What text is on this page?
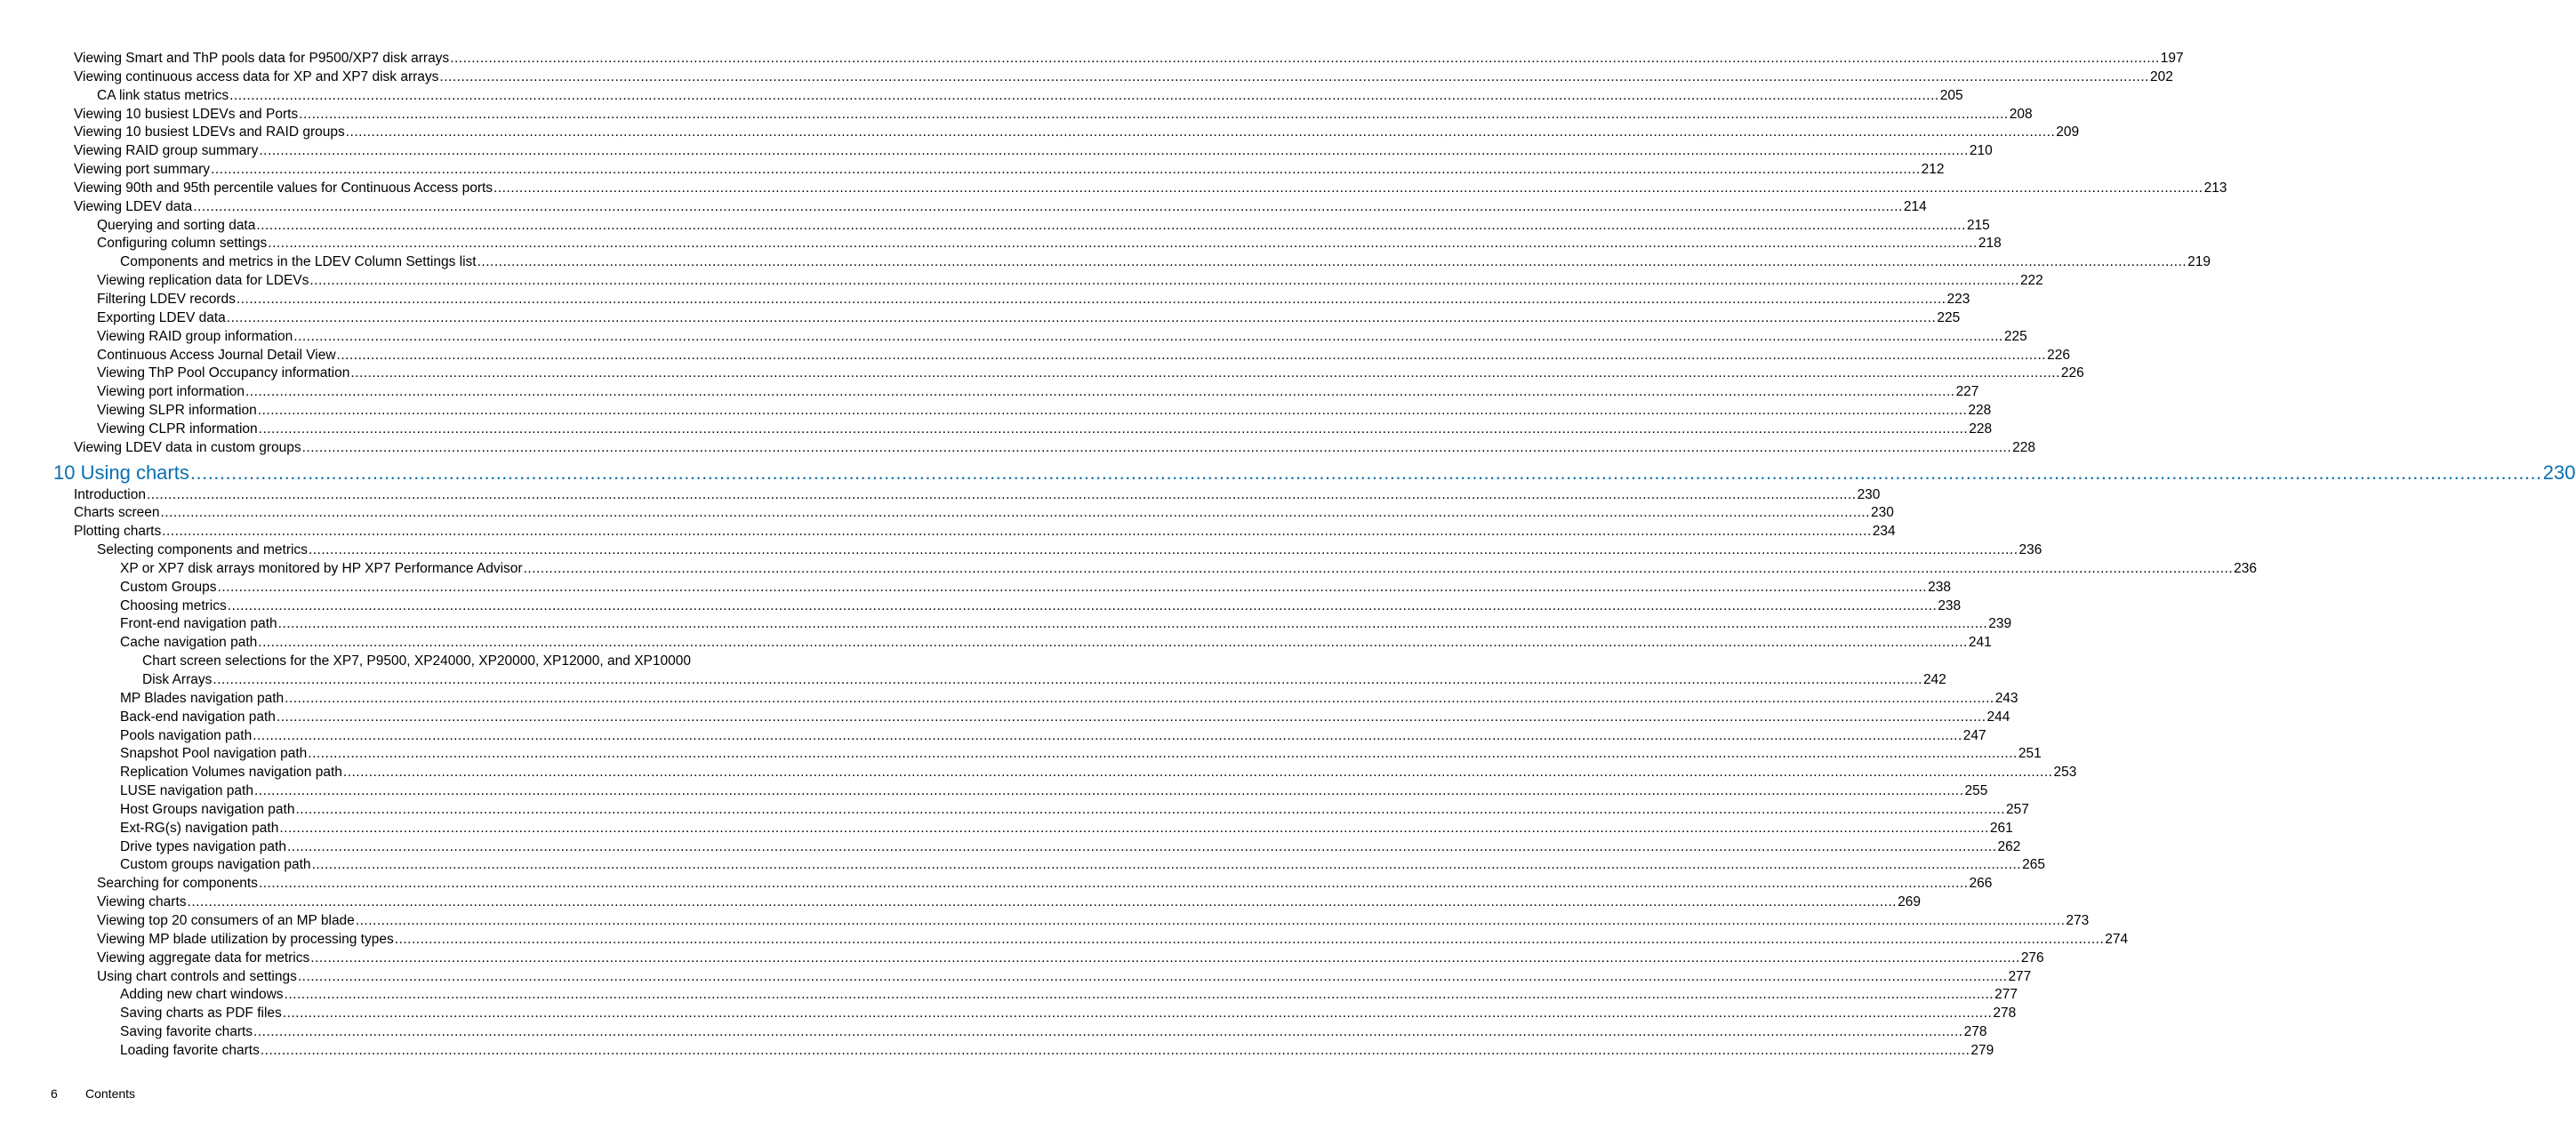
Viewing Smart and ThP pools data for P9500/XP7 disk arrays ................................................................................................................................................................................................................................................................................................................................................................................................................ 197
Viewing continuous access data for XP and XP7 disk arrays ................................................................................................................................................................................................................................................................................................................................................................................................................ 202
CA link status metrics ................................................................................................................................................................................................................................................................................................................................................................................................................ 205
Viewing 10 busiest LDEVs and Ports ................................................................................................................................................................................................................................................................................................................................................................................................................ 208
Viewing 10 busiest LDEVs and RAID groups ................................................................................................................................................................................................................................................................................................................................................................................................................ 209
Viewing RAID group summary ................................................................................................................................................................................................................................................................................................................................................................................................................ 210
Viewing port summary ................................................................................................................................................................................................................................................................................................................................................................................................................ 212
Viewing 90th and 95th percentile values for Continuous Access ports ................................................................................................................................................................................................................................................................................................................................................................................................................ 213
Viewing LDEV data ................................................................................................................................................................................................................................................................................................................................................................................................................ 214
Querying and sorting data ................................................................................................................................................................................................................................................................................................................................................................................................................ 215
Configuring column settings ................................................................................................................................................................................................................................................................................................................................................................................................................ 218
Components and metrics in the LDEV Column Settings list ................................................................................................................................................................................................................................................................................................................................................................................................................ 219
Viewing replication data for LDEVs ................................................................................................................................................................................................................................................................................................................................................................................................................ 222
Filtering LDEV records ................................................................................................................................................................................................................................................................................................................................................................................................................ 223
Exporting LDEV data ................................................................................................................................................................................................................................................................................................................................................................................................................ 225
Viewing RAID group information ................................................................................................................................................................................................................................................................................................................................................................................................................ 225
Continuous Access Journal Detail View ................................................................................................................................................................................................................................................................................................................................................................................................................ 226
Viewing ThP Pool Occupancy information ................................................................................................................................................................................................................................................................................................................................................................................................................ 226
Viewing port information ................................................................................................................................................................................................................................................................................................................................................................................................................ 227
Viewing SLPR information ................................................................................................................................................................................................................................................................................................................................................................................................................ 228
Viewing CLPR information ................................................................................................................................................................................................................................................................................................................................................................................................................ 228
Viewing LDEV data in custom groups ................................................................................................................................................................................................................................................................................................................................................................................................................ 228
10 Using charts ................................................................................................................................................................................................................................................................................................................................................................................................................ 230
Introduction ................................................................................................................................................................................................................................................................................................................................................................................................................ 230
Charts screen ................................................................................................................................................................................................................................................................................................................................................................................................................ 230
Plotting charts ................................................................................................................................................................................................................................................................................................................................................................................................................ 234
Selecting components and metrics ................................................................................................................................................................................................................................................................................................................................................................................................................ 236
XP or XP7 disk arrays monitored by HP XP7 Performance Advisor ................................................................................................................................................................................................................................................................................................................................................................................................................ 236
Custom Groups ................................................................................................................................................................................................................................................................................................................................................................................................................ 238
Choosing metrics ................................................................................................................................................................................................................................................................................................................................................................................................................ 238
Front-end navigation path ................................................................................................................................................................................................................................................................................................................................................................................................................ 239
Cache navigation path ................................................................................................................................................................................................................................................................................................................................................................................................................ 241
Chart screen selections for the XP7, P9500, XP24000, XP20000, XP12000, and XP10000
Disk Arrays ................................................................................................................................................................................................................................................................................................................................................................................................................ 242
MP Blades navigation path ................................................................................................................................................................................................................................................................................................................................................................................................................ 243
Back-end navigation path ................................................................................................................................................................................................................................................................................................................................................................................................................ 244
Pools navigation path ................................................................................................................................................................................................................................................................................................................................................................................................................ 247
Snapshot Pool navigation path ................................................................................................................................................................................................................................................................................................................................................................................................................ 251
Replication Volumes navigation path ................................................................................................................................................................................................................................................................................................................................................................................................................ 253
LUSE navigation path ................................................................................................................................................................................................................................................................................................................................................................................................................ 255
Host Groups navigation path ................................................................................................................................................................................................................................................................................................................................................................................................................ 257
Ext-RG(s) navigation path ................................................................................................................................................................................................................................................................................................................................................................................................................ 261
Drive types navigation path ................................................................................................................................................................................................................................................................................................................................................................................................................ 262
Custom groups navigation path ................................................................................................................................................................................................................................................................................................................................................................................................................ 265
Searching for components ................................................................................................................................................................................................................................................................................................................................................................................................................ 266
Viewing charts ................................................................................................................................................................................................................................................................................................................................................................................................................ 269
Viewing top 20 consumers of an MP blade ................................................................................................................................................................................................................................................................................................................................................................................................................ 273
Viewing MP blade utilization by processing types ................................................................................................................................................................................................................................................................................................................................................................................................................ 274
Viewing aggregate data for metrics ................................................................................................................................................................................................................................................................................................................................................................................................................ 276
Using chart controls and settings ................................................................................................................................................................................................................................................................................................................................................................................................................ 277
Adding new chart windows ................................................................................................................................................................................................................................................................................................................................................................................................................ 277
Saving charts as PDF files ................................................................................................................................................................................................................................................................................................................................................................................................................ 278
Saving favorite charts ................................................................................................................................................................................................................................................................................................................................................................................................................ 278
Loading favorite charts ................................................................................................................................................................................................................................................................................................................................................................................................................ 279
6 Contents
